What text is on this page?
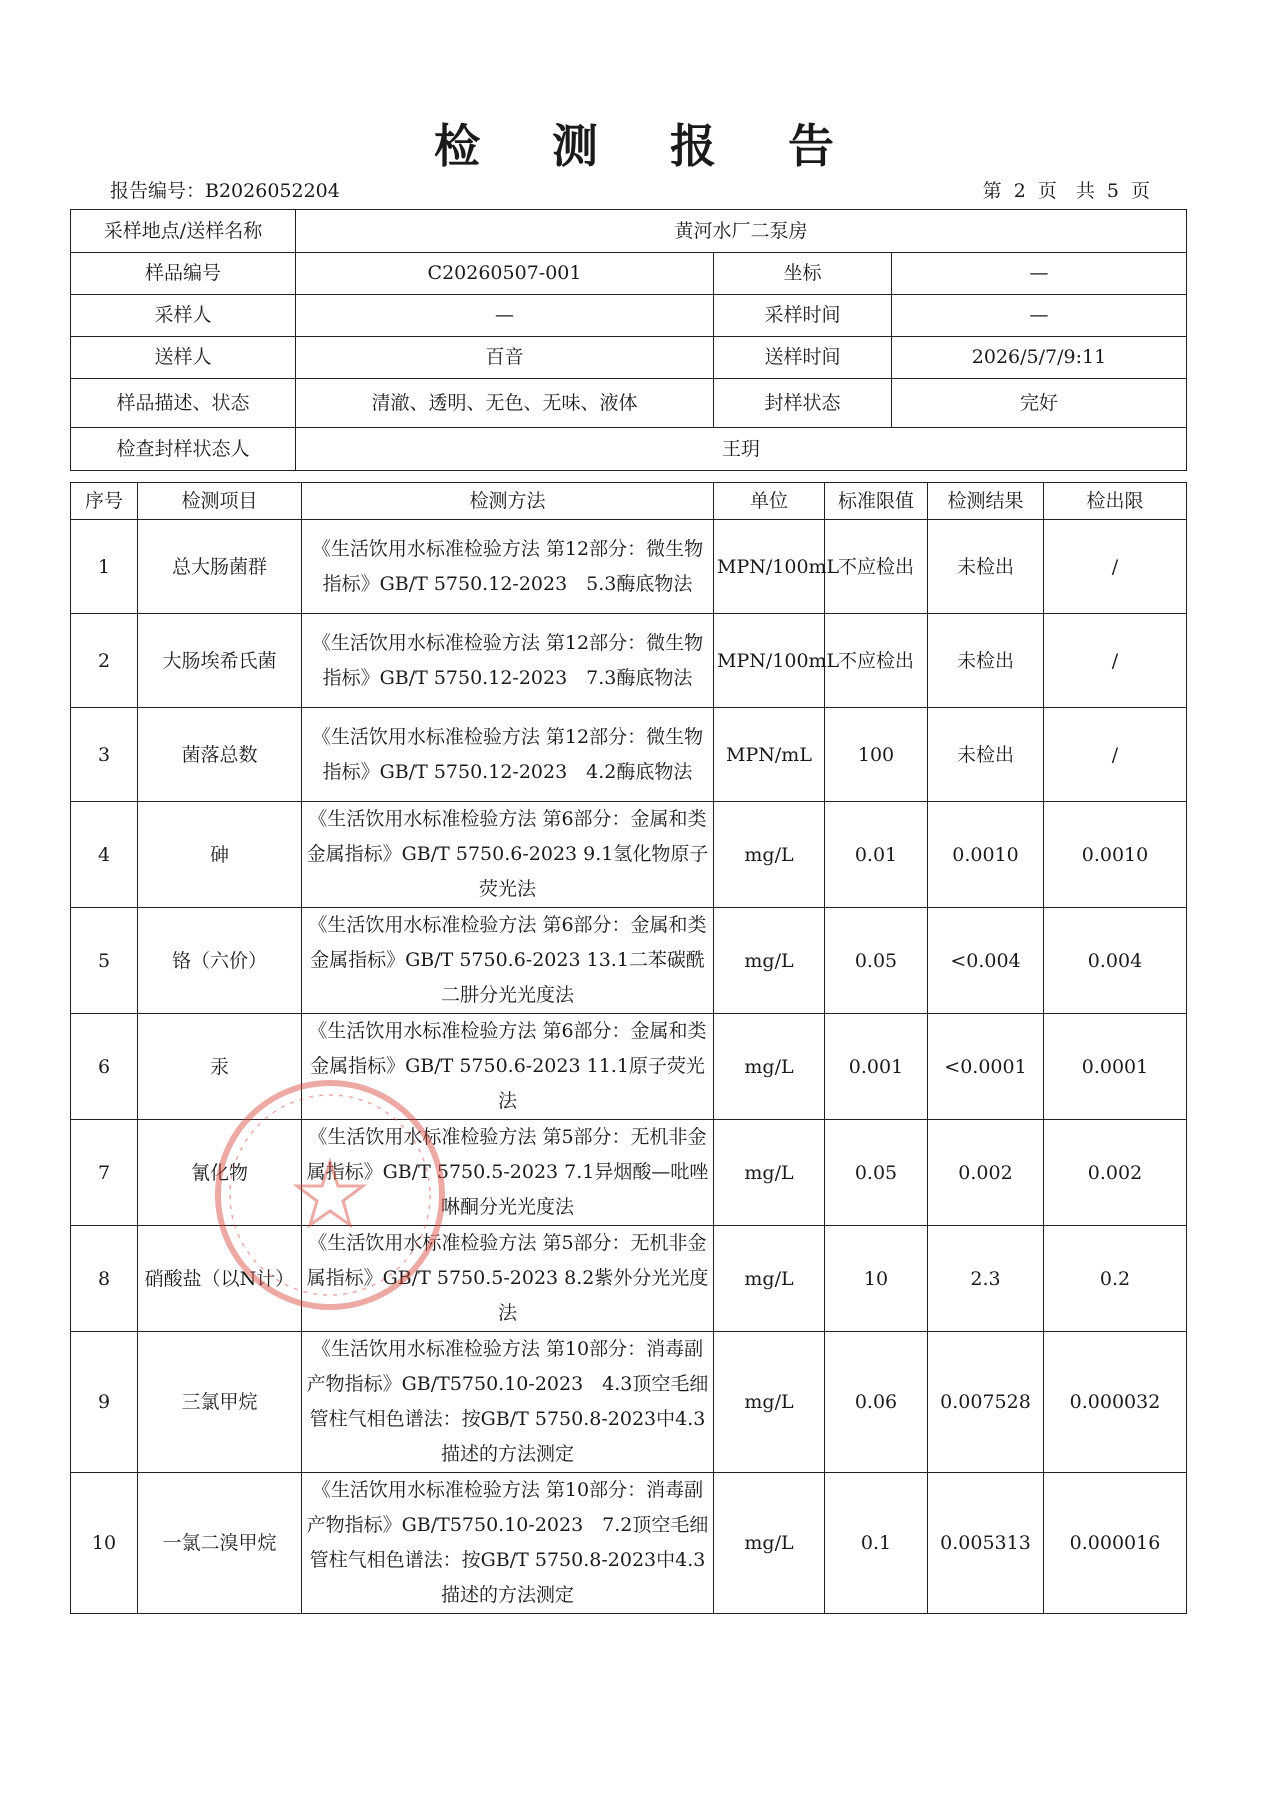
检 测 报 告
报告编号：B2026052204	第 2 页　共 5 页
采样地点/送样名称	黄河水厂二泵房		
样品编号	C20260507-001	坐标	—
采样人	—	采样时间	—
送样人	百音	送样时间	2026/5/7/9:11
样品描述、状态	清澈、透明、无色、无味、液体	封样状态	完好
检查封样状态人	王玥		
序号	检测项目	检测方法	单位	标准限值	检测结果	检出限
1	总大肠菌群	《生活饮用水标准检验方法 第12部分：微生物指标》GB/T 5750.12-2023　5.3酶底物法	MPN/100mL	不应检出	未检出	/
2	大肠埃希氏菌	《生活饮用水标准检验方法 第12部分：微生物指标》GB/T 5750.12-2023　7.3酶底物法	MPN/100mL	不应检出	未检出	/
3	菌落总数	《生活饮用水标准检验方法 第12部分：微生物指标》GB/T 5750.12-2023　4.2酶底物法	MPN/mL	100	未检出	/
4	砷	《生活饮用水标准检验方法 第6部分：金属和类金属指标》GB/T 5750.6-2023 9.1氢化物原子荧光法	mg/L	0.01	0.0010	0.0010
5	铬（六价）	《生活饮用水标准检验方法 第6部分：金属和类金属指标》GB/T 5750.6-2023 13.1二苯碳酰二肼分光光度法	mg/L	0.05	<0.004	0.004
6	汞	《生活饮用水标准检验方法 第6部分：金属和类金属指标》GB/T 5750.6-2023 11.1原子荧光法	mg/L	0.001	<0.0001	0.0001
7	氰化物	《生活饮用水标准检验方法 第5部分：无机非金属指标》GB/T 5750.5-2023 7.1异烟酸—吡唑啉酮分光光度法	mg/L	0.05	0.002	0.002
8	硝酸盐（以N计）	《生活饮用水标准检验方法 第5部分：无机非金属指标》GB/T 5750.5-2023 8.2紫外分光光度法	mg/L	10	2.3	0.2
9	三氯甲烷	《生活饮用水标准检验方法 第10部分：消毒副产物指标》GB/T5750.10-2023　4.3顶空毛细管柱气相色谱法：按GB/T 5750.8-2023中4.3描述的方法测定	mg/L	0.06	0.007528	0.000032
10	一氯二溴甲烷	《生活饮用水标准检验方法 第10部分：消毒副产物指标》GB/T5750.10-2023　7.2顶空毛细管柱气相色谱法：按GB/T 5750.8-2023中4.3描述的方法测定	mg/L	0.1	0.005313	0.000016
